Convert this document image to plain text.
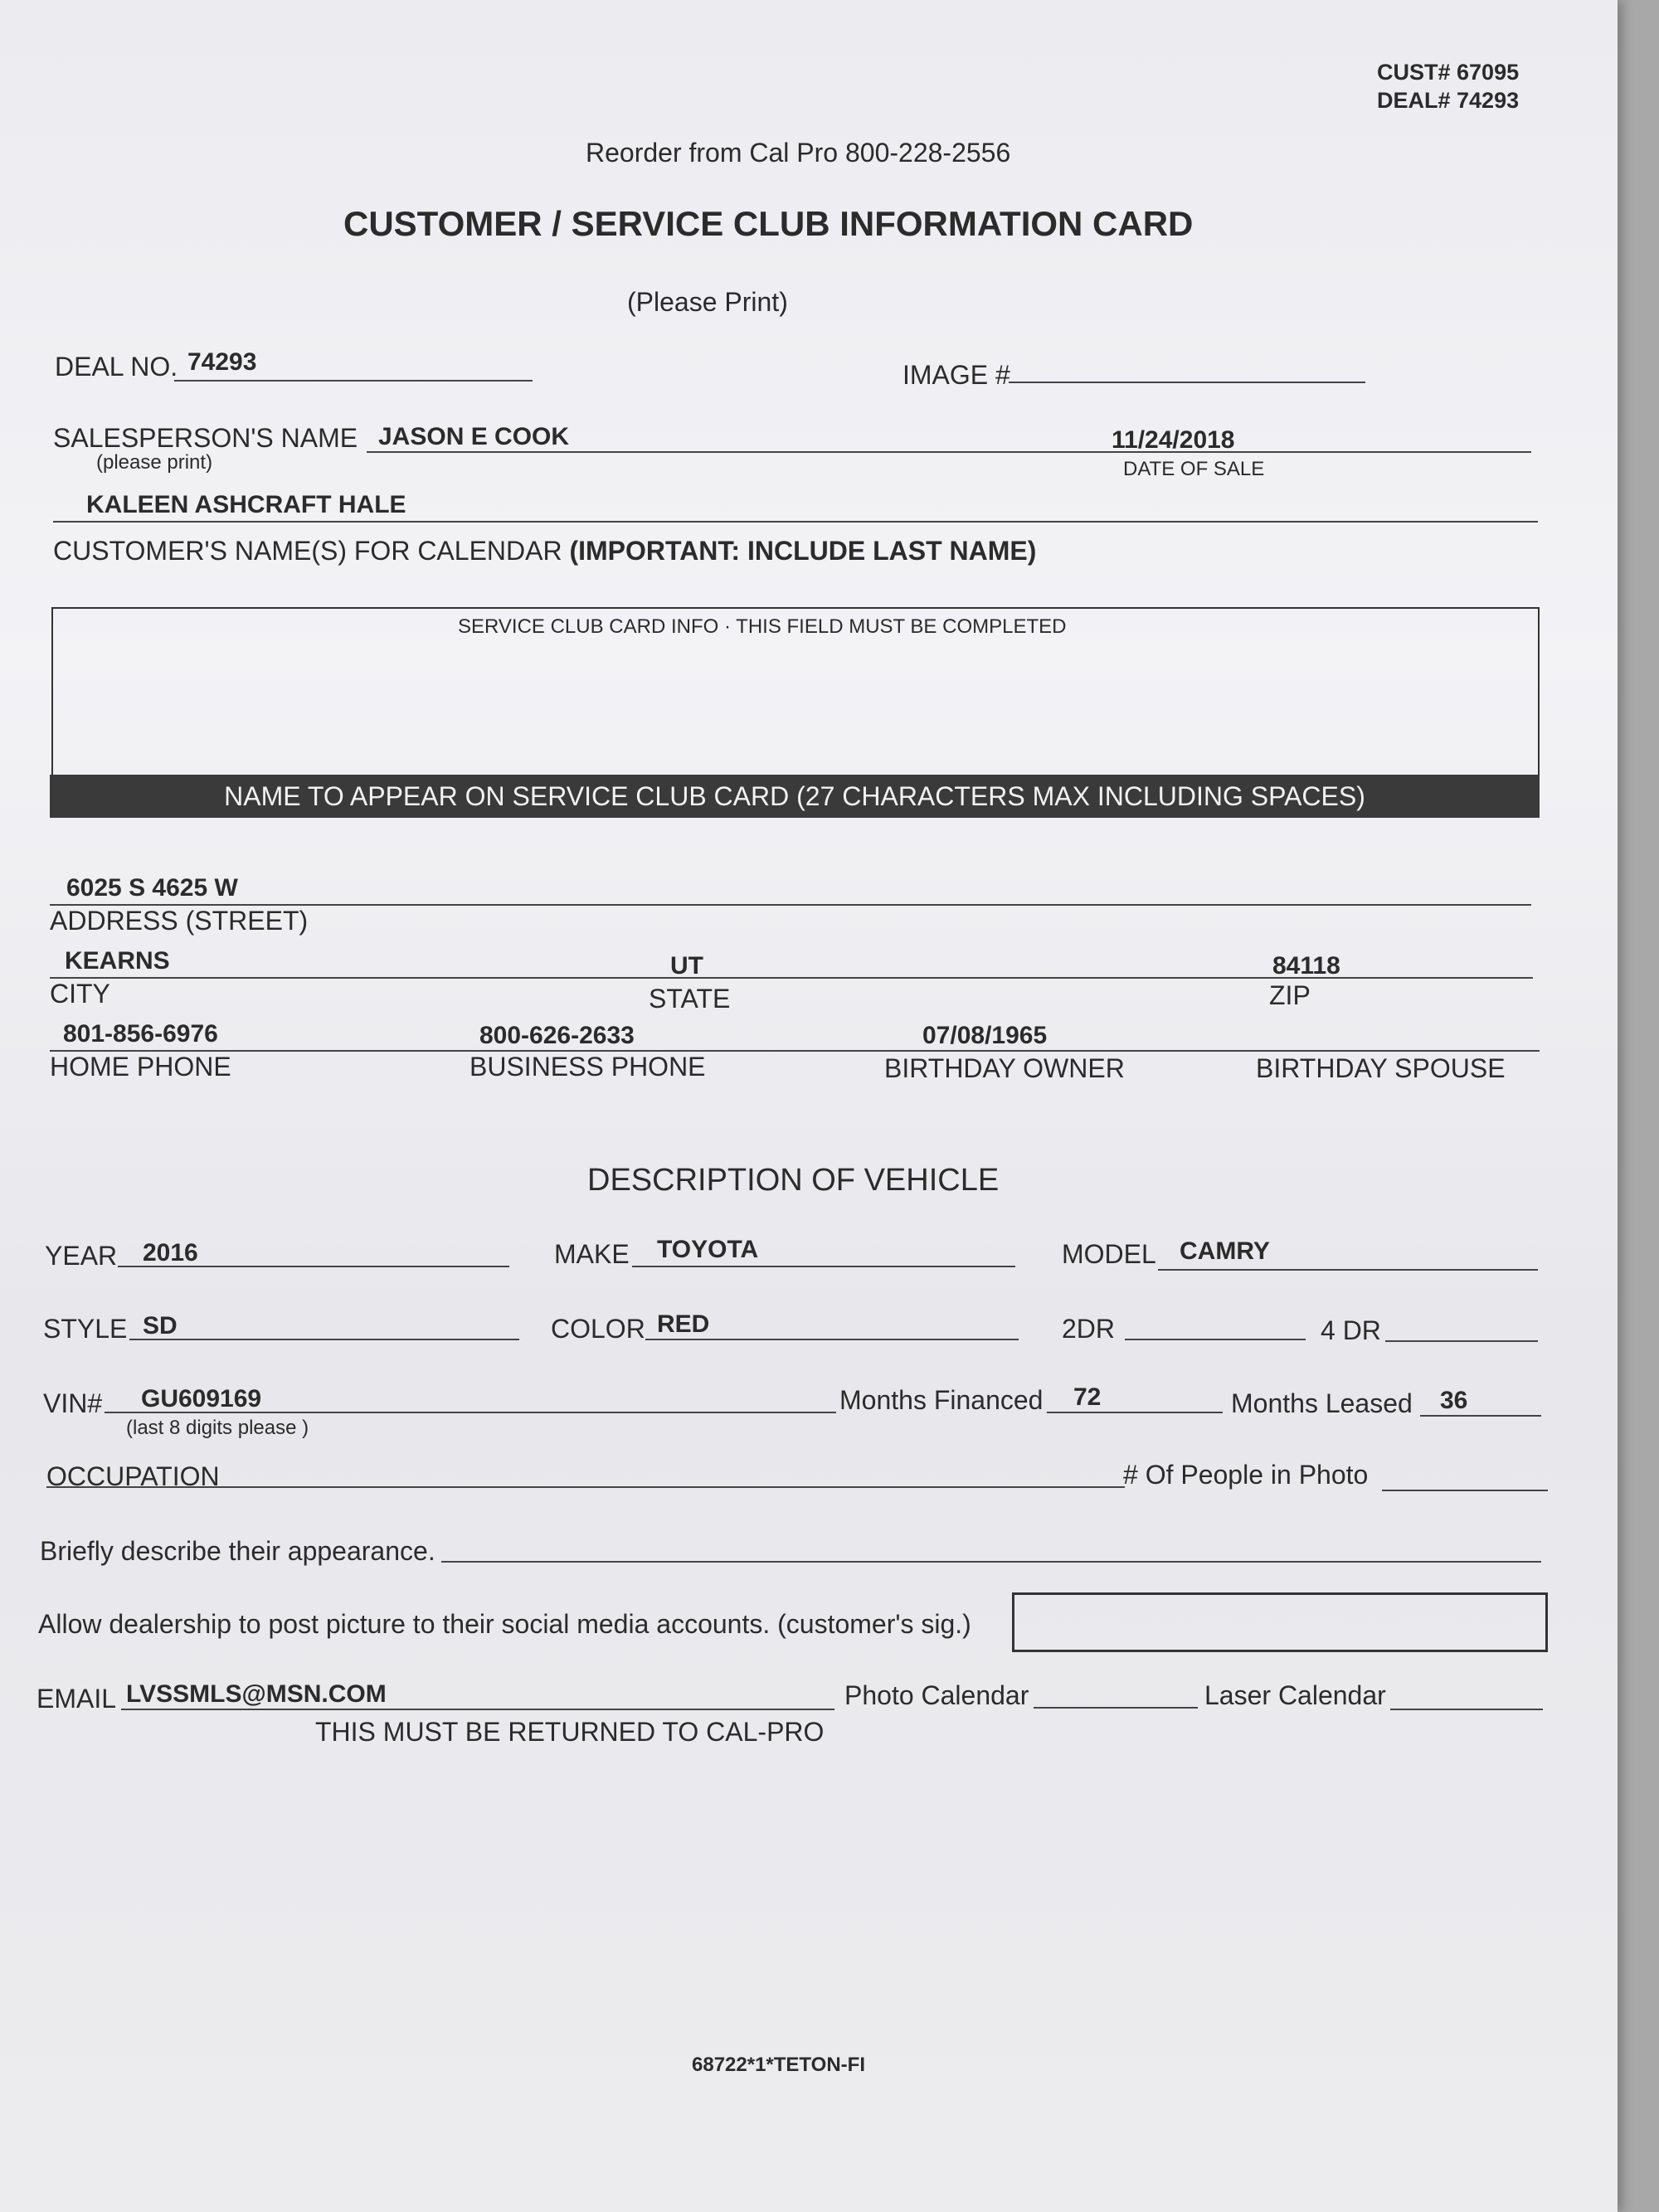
CUST# 67095
DEAL# 74293
Reorder from Cal Pro 800-228-2556
CUSTOMER / SERVICE CLUB INFORMATION CARD
(Please Print)
DEAL NO. 74293	IMAGE #
SALESPERSON'S NAME
(please print)
JASON E COOK	11/24/2018
DATE OF SALE
KALEEN ASHCRAFT HALE
CUSTOMER'S NAME(S) FOR CALENDAR (IMPORTANT: INCLUDE LAST NAME)
SERVICE CLUB CARD INFO · THIS FIELD MUST BE COMPLETED
NAME TO APPEAR ON SERVICE CLUB CARD (27 CHARACTERS MAX INCLUDING SPACES)
6025 S 4625 W
ADDRESS (STREET)
KEARNS	UT	84118
CITY	STATE	ZIP
801-856-6976	800-626-2633	07/08/1965
HOME PHONE	BUSINESS PHONE	BIRTHDAY OWNER	BIRTHDAY SPOUSE
DESCRIPTION OF VEHICLE
YEAR 2016	MAKE TOYOTA	MODEL CAMRY
STYLE SD	COLOR RED	2DR	4 DR
VIN# GU609169
(last 8 digits please )
Months Financed 72	Months Leased 36
OCCUPATION	# Of People in Photo
Briefly describe their appearance.
Allow dealership to post picture to their social media accounts. (customer's sig.)
EMAIL LVSSMLS@MSN.COM	Photo Calendar	Laser Calendar
THIS MUST BE RETURNED TO CAL-PRO
68722*1*TETON-FI
